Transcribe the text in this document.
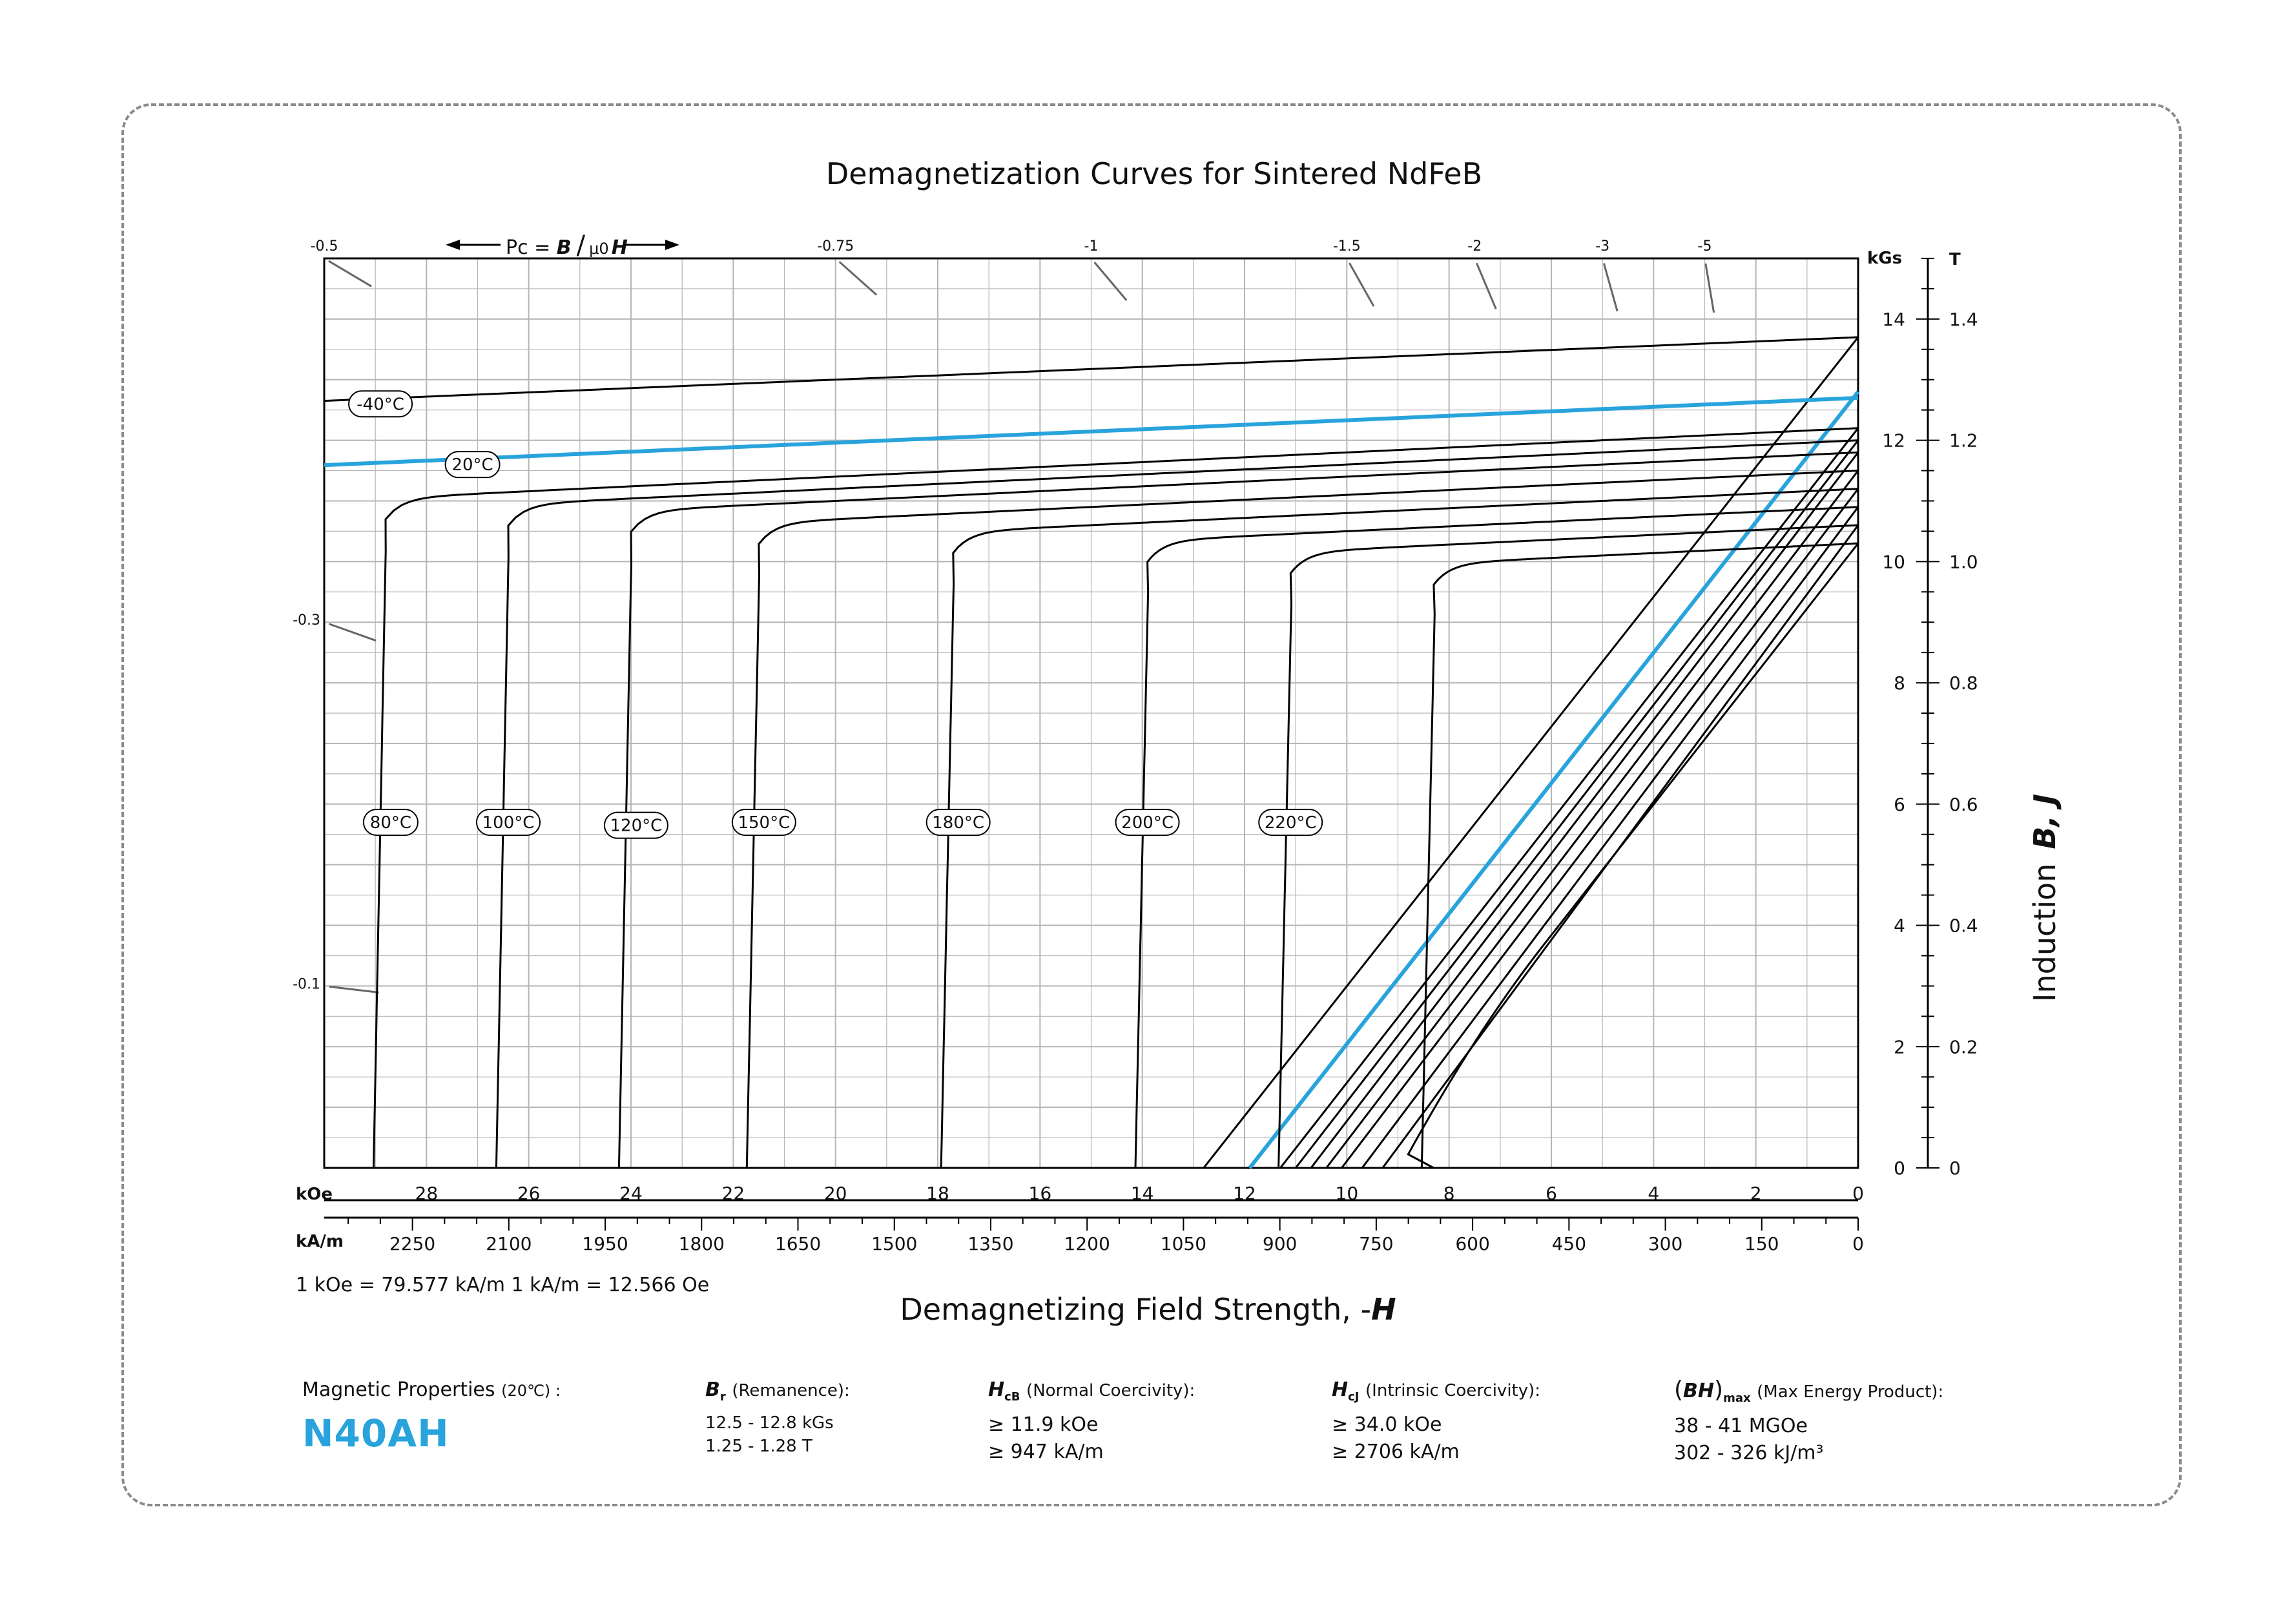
Demagnetization Curves for Sintered NdFeB
-0.5	-0.75	-1	-1.5	-2	-3	-5
-0.3
-0.1
Pc = B / μ0 H
-40°C
20°C
80°C	100°C	120°C	150°C	180°C	200°C	220°C
28	26	24	22	20	18	16	14	12	10	8	6	4	2	0
kOe
2250	2100	1950	1800	1650	1500	1350	1200	1050	900	750	600	450	300	150	0
kA/m
0
2
4
6
8
10
12
14
0
0.2
0.4
0.6
0.8
1.0
1.2
1.4
kGs	T
InductionB, J
1 kOe = 79.577 kA/m 1 kA/m = 12.566 Oe
Demagnetizing Field Strength, -H
Magnetic Properties (20℃) :
N40AH
$B_r$ (Remanence):
12.5 - 12.8 kGs
1.25 - 1.28 T
$H_{cB}$ (Normal Coercivity):
≥ 11.9 kOe
≥ 947 kA/m
$H_{cJ}$ (Intrinsic Coercivity):
≥ 34.0 kOe
≥ 2706 kA/m
$(BH)_{max}$ (Max Energy Product):
38 - 41 MGOe
302 - 326 kJ/m³
